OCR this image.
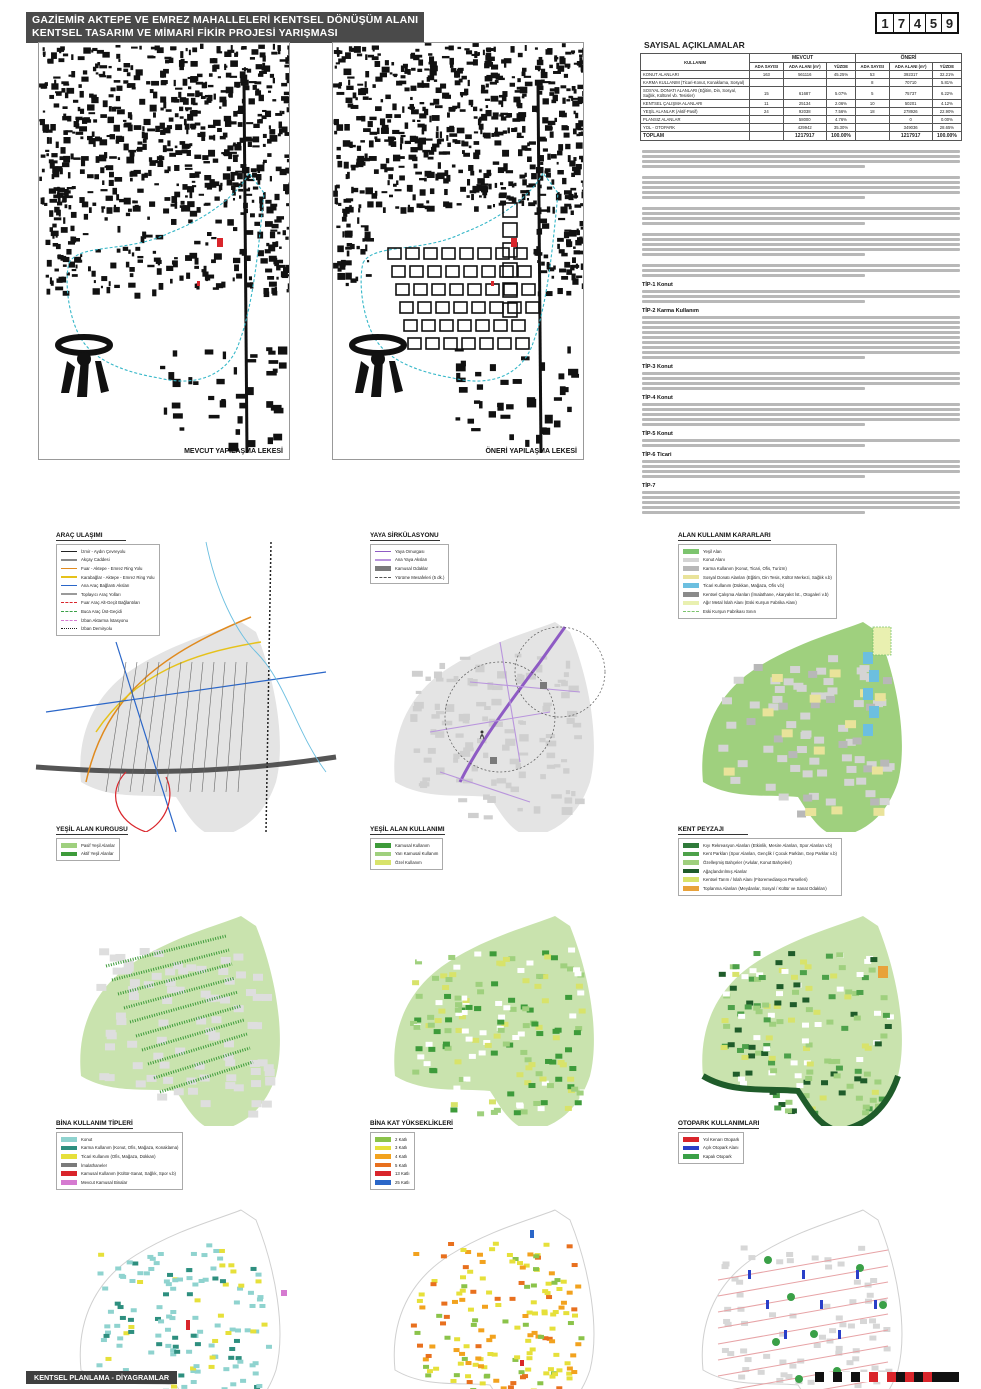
GAZİEMİR AKTEPE VE EMREZ MAHALLELERİ KENTSEL DÖNÜŞÜM ALANI
KENTSEL TASARIM VE MİMARİ FİKİR PROJESİ YARIŞMASI
1 7 4 5 9
MEVCUT YAPILAŞMA LEKESİ	ÖNERİ YAPILAŞMA LEKESİ
SAYISAL AÇIKLAMALAR
KULLANIM	MEVCUT			ÖNERİ		
	ADA SAYISI	ADA ALANI (m²)	YÜZDE	ADA SAYISI	ADA ALANI (m²)	YÜZDE
KONUT ALANLARI	163	561116	45.25%	53	392317	32.21%
KARMA KULLANIM (Ticari-Konut, Konaklama, Sosyal)				8	70710	5.81%
SOSYAL DONATI ALANLARI (Eğitim, Din, Sosyal, Sağlık, Kültürel vb. Tesisler)	15	61687	5.07%	5	75737	6.22%
KENTSEL ÇALIŞMA ALANLARI	11	25134	2.06%	10	50201	4.12%
YEŞİL ALANLAR (Aktif-Pasif)	24	92038	7.56%	18	278926	22.90%
PLANSIZ ALANLAR		58000	4.76%		0	0.00%
YOL - OTOPARK		429942	35.30%		349036	28.65%
TOPLAM		1217917	100.00%		1217917	100.00%
TİP-1 Konut
TİP-2 Karma Kullanım
TİP-3 Konut
TİP-4 Konut
TİP-5 Konut
TİP-6 Ticari
TİP-7
ARAÇ ULAŞIMI
İzmir - Aydın Çevreyolu
Akçay Caddesi
Fuar - Aktepe - Emrez Ring Yolu
Karabağlar - Aktepe - Emrez Ring Yolu
Ana Araç Bağlantı Aksları
Toplayıcı Araç Yolları
Fuar Araç Alt-Geçit Bağlantıları
Buca Araç Üst-Geçidi
İzban Aktarma İstasyonu
İzban Demiryolu
YAYA SİRKÜLASYONU
Yaya Omurgası
Ana Yaya Aksları
Kamusal Odaklar
Yürüme Mesafeleri (5 dk.)
ALAN KULLANIM KARARLARI
Yeşil Alan
Konut Alanı
Karma Kullanım (Konut, Ticari, Ofis, Turizm)
Sosyal Donatı Alanları (Eğitim, Din Tesis, Kültür Merkezi, Sağlık v.b)
Ticari Kullanım (Dükkan, Mağaza, Ofis v.b)
Kentsel Çalışma Alanları (İmalathane, Akaryakıt İst., Otogaleri v.b)
Ağır Metal İslah Alanı (Eski Kurşun Fabrika Alanı)
Eski Kurşun Fabrikası Sınırı
YEŞİL ALAN KURGUSU
Pasif Yeşil Alanlar
Aktif Yeşil Alanlar
YEŞİL ALAN KULLANIMI
Kamusal Kullanım
Yarı Kamusal Kullanım
Özel Kullanım
KENT PEYZAJI
Kıyı Rekreasyon Alanları (Etkinlik, Mesire Alanları, Spor Alanları v.b)
Kent Parkları (Spor Alanları, Gençlik / Çocuk Parkları, Gep Parklar v.b)
Özelleşmiş Bahçeler (Avlular, Konut Bahçeleri)
Ağaçlandırılmış Alanlar
Kentsel Tarım / İslah Alanı (Fitoremediasyon Parselleri)
Toplanma Alanları (Meydanlar, Sosyal / Kültür ve Sanat Odakları)
BİNA KULLANIM TİPLERİ
Konut
Karma Kullanım (Konut, Ofis, Mağaza, Konaklama)
Ticari Kullanım (Ofis, Mağaza, Dükkan)
İmalathaneler
Kamusal Kullanım (Kültür-Sanat, Sağlık, Spor v.b)
Mevcut Kamusal Binalar
BİNA KAT YÜKSEKLİKLERİ
2 Katlı
3 Katlı
4 Katlı
5 Katlı
13 Katlı
25 Katlı
OTOPARK KULLANIMLARI
Yol Kenarı Otopark
Açık Otopark Alanı
Kapalı Otopark
KENTSEL PLANLAMA - DİYAGRAMLAR
